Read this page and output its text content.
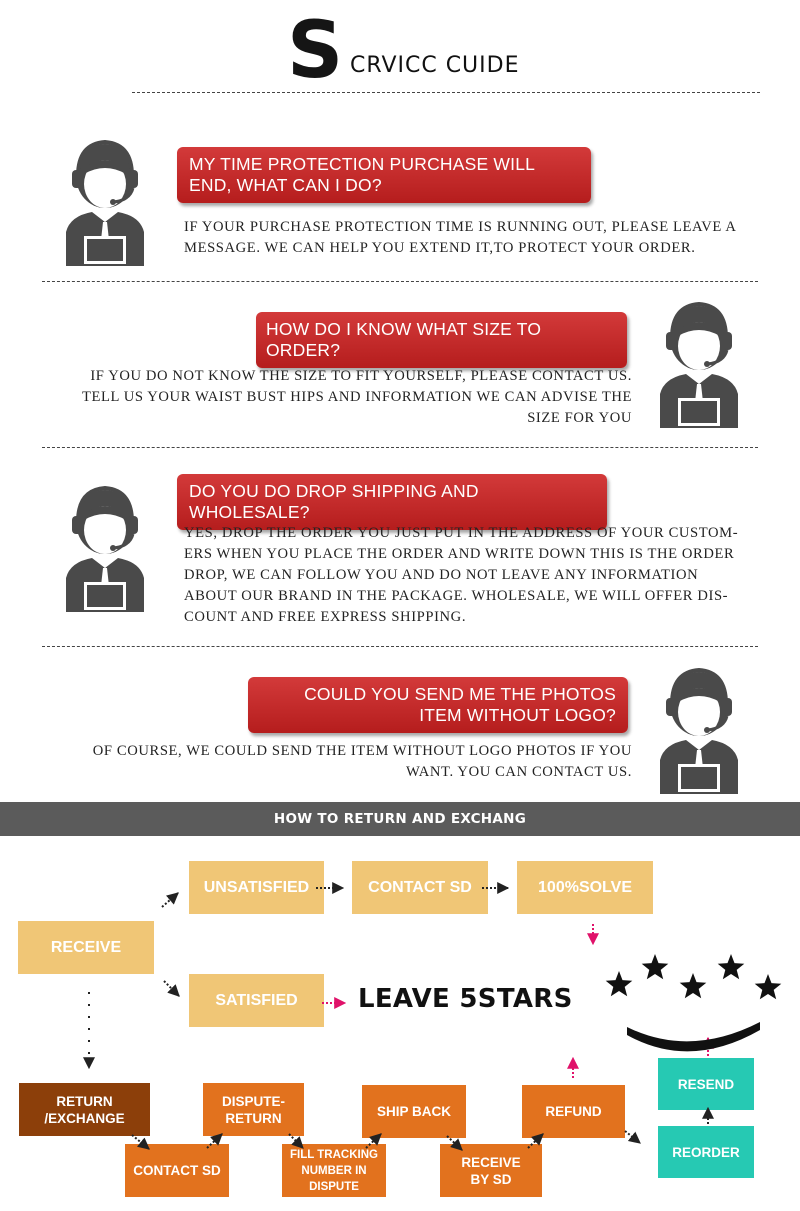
S CRVICC CUIDE
MY TIME PROTECTION PURCHASE WILL END, WHAT CAN I DO?
IF YOUR PURCHASE PROTECTION TIME IS RUNNING OUT, PLEASE LEAVE A MESSAGE. WE CAN HELP YOU EXTEND IT,TO PROTECT YOUR ORDER.
HOW DO I KNOW WHAT SIZE TO ORDER?
IF YOU DO NOT KNOW THE SIZE TO FIT YOURSELF, PLEASE CONTACT US. TELL US YOUR WAIST BUST HIPS AND INFORMATION WE CAN ADVISE THE SIZE FOR YOU
DO YOU DO DROP SHIPPING AND WHOLESALE?
YES, DROP THE ORDER YOU JUST PUT IN THE ADDRESS OF YOUR CUSTOM-ERS WHEN YOU PLACE THE ORDER AND WRITE DOWN THIS IS THE ORDER DROP, WE CAN FOLLOW YOU AND DO NOT LEAVE ANY INFORMATION ABOUT OUR BRAND IN THE PACKAGE. WHOLESALE, WE WILL OFFER DIS-COUNT AND FREE EXPRESS SHIPPING.
COULD YOU SEND ME THE PHOTOS ITEM WITHOUT LOGO?
OF COURSE, WE COULD SEND THE ITEM WITHOUT LOGO PHOTOS IF YOU WANT. YOU CAN CONTACT US.
HOW TO RETURN AND EXCHANG
RECEIVE
UNSATISFIED	CONTACT SD	100%SOLVE
SATISFIED LEAVE 5STARS
RETURN
/EXCHANGE
CONTACT SD
DISPUTE-
RETURN
FILL TRACKING
NUMBER IN
DISPUTE
SHIP BACK
RECEIVE
BY SD
REFUND
RESEND
REORDER
